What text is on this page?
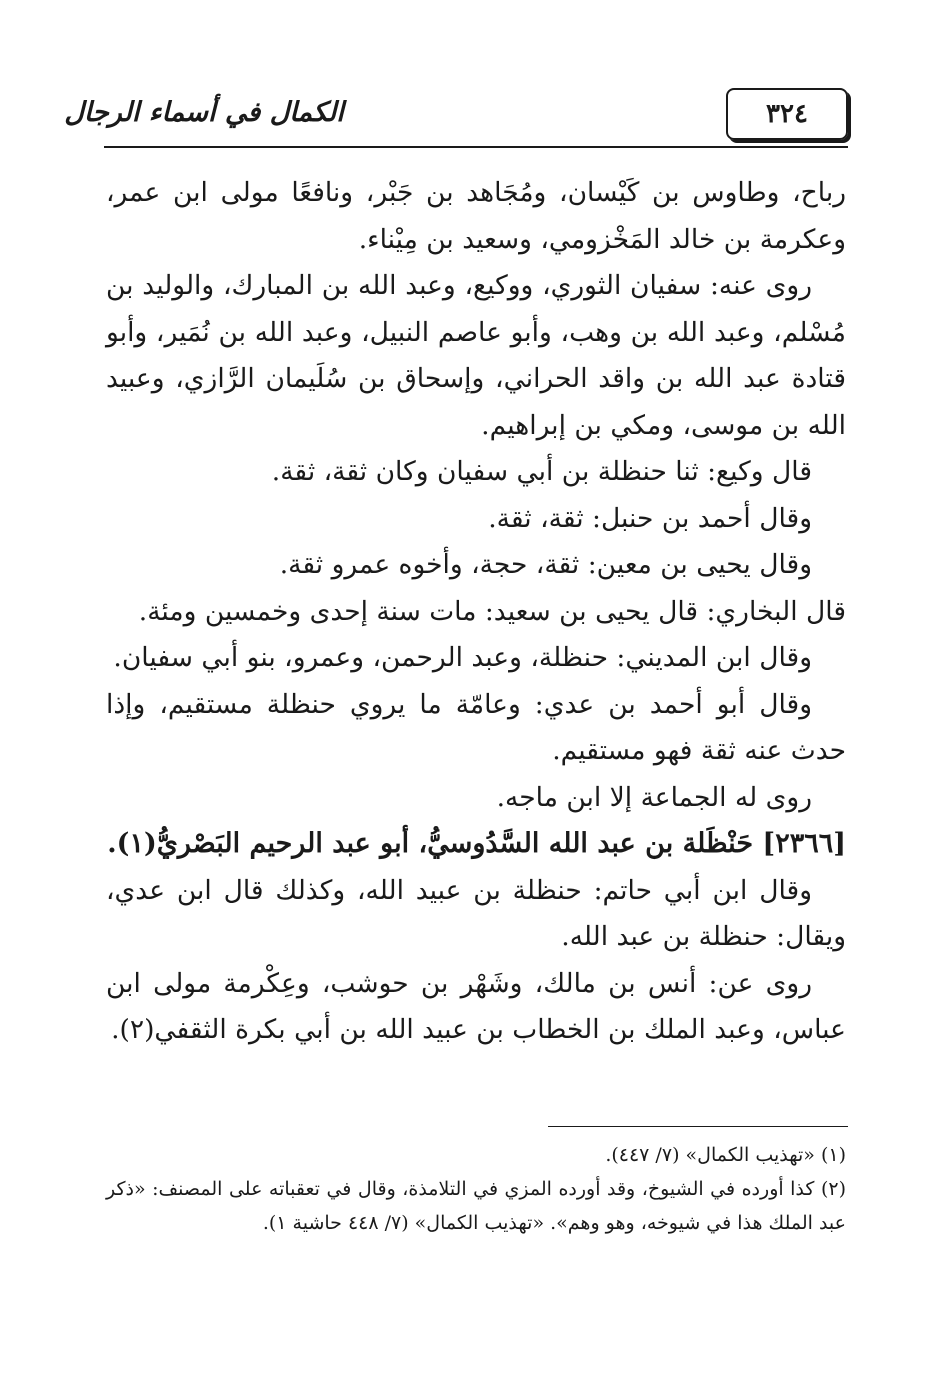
٣٢٤
الكمال في أسماء الرجال

رباح، وطاوس بن كَيْسان، ومُجَاهد بن جَبْر، ونافعًا مولى ابن عمر، وعكرمة بن خالد المَخْزومي، وسعيد بن مِيْناء.

روى عنه: سفيان الثوري، ووكيع، وعبد الله بن المبارك، والوليد بن مُسْلم، وعبد الله بن وهب، وأبو عاصم النبيل، وعبد الله بن نُمَير، وأبو قتادة عبد الله بن واقد الحراني، وإسحاق بن سُلَيمان الرَّازي، وعبيد الله بن موسى، ومكي بن إبراهيم.

قال وكيع: ثنا حنظلة بن أبي سفيان وكان ثقة، ثقة.

وقال أحمد بن حنبل: ثقة، ثقة.

وقال يحيى بن معين: ثقة، حجة، وأخوه عمرو ثقة.

قال البخاري: قال يحيى بن سعيد: مات سنة إحدى وخمسين ومئة.

وقال ابن المديني: حنظلة، وعبد الرحمن، وعمرو، بنو أبي سفيان.

وقال أبو أحمد بن عدي: وعامّة ما يروي حنظلة مستقيم، وإذا حدث عنه ثقة فهو مستقيم.

روى له الجماعة إلا ابن ماجه.

[٢٣٦٦] حَنْظَلة بن عبد الله السَّدُوسيُّ، أبو عبد الرحيم البَصْريُّ(١).

وقال ابن أبي حاتم: حنظلة بن عبيد الله، وكذلك قال ابن عدي، ويقال: حنظلة بن عبد الله.

روى عن: أنس بن مالك، وشَهْر بن حوشب، وعِكْرمة مولى ابن عباس، وعبد الملك بن الخطاب بن عبيد الله بن أبي بكرة الثقفي(٢).

(١) «تهذيب الكمال» (٧/ ٤٤٧).

(٢) كذا أورده في الشيوخ، وقد أورده المزي في التلامذة، وقال في تعقباته على المصنف: «ذكر عبد الملك هذا في شيوخه، وهو وهم». «تهذيب الكمال» (٧/ ٤٤٨ حاشية ١).
